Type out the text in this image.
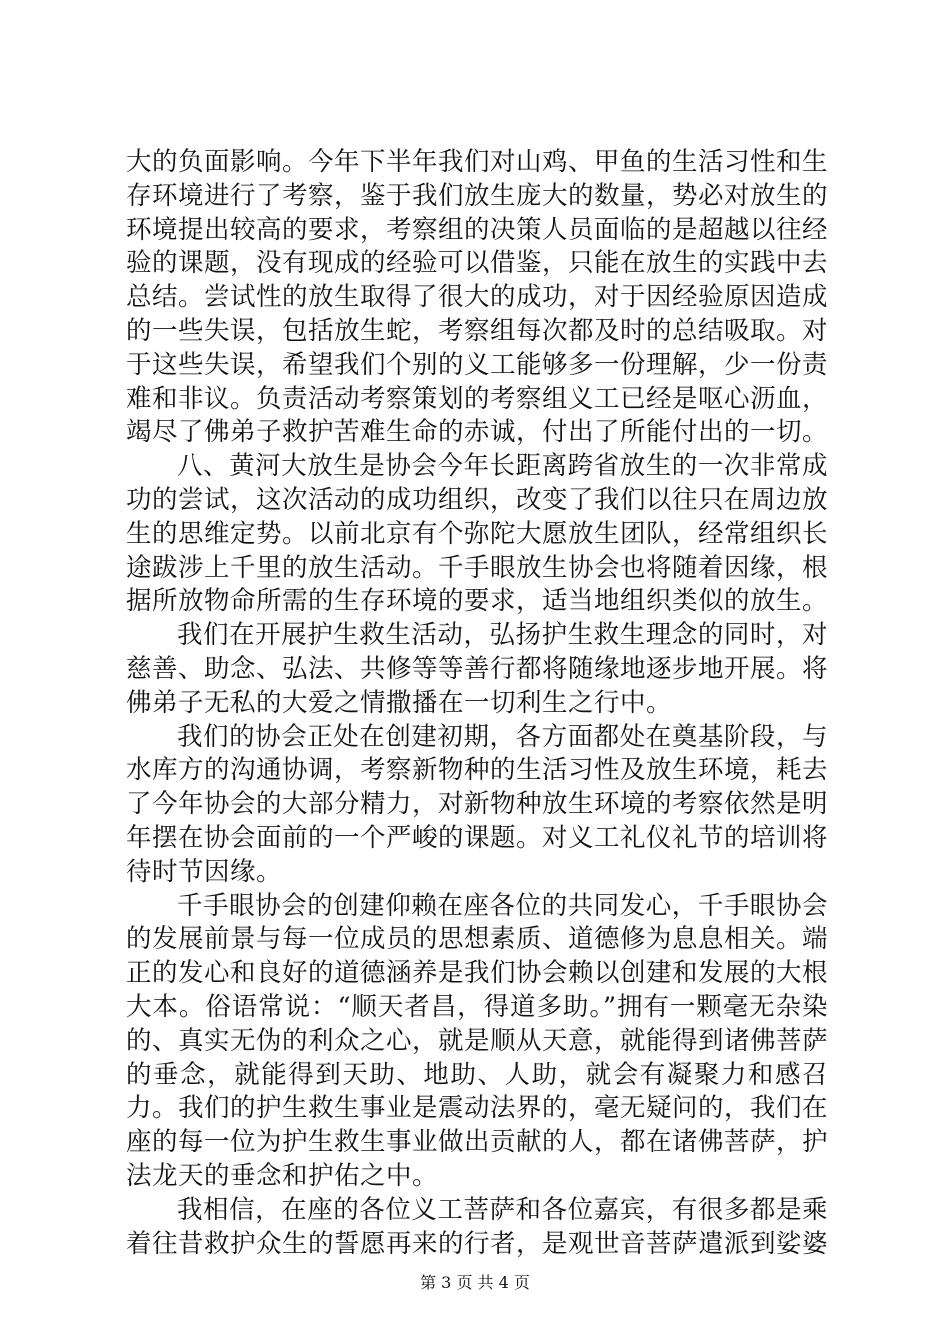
大的负面影响。今年下半年我们对山鸡、甲鱼的生活习性和生存环境进行了考察，鉴于我们放生庞大的数量，势必对放生的环境提出较高的要求，考察组的决策人员面临的是超越以往经验的课题，没有现成的经验可以借鉴，只能在放生的实践中去总结。尝试性的放生取得了很大的成功，对于因经验原因造成的一些失误，包括放生蛇，考察组每次都及时的总结吸取。对于这些失误，希望我们个别的义工能够多一份理解，少一份责难和非议。负责活动考察策划的考察组义工已经是呕心沥血，竭尽了佛弟子救护苦难生命的赤诚，付出了所能付出的一切。

八、黄河大放生是协会今年长距离跨省放生的一次非常成功的尝试，这次活动的成功组织，改变了我们以往只在周边放生的思维定势。以前北京有个弥陀大愿放生团队，经常组织长途跋涉上千里的放生活动。千手眼放生协会也将随着因缘，根据所放物命所需的生存环境的要求，适当地组织类似的放生。

我们在开展护生救生活动，弘扬护生救生理念的同时，对慈善、助念、弘法、共修等等善行都将随缘地逐步地开展。将佛弟子无私的大爱之情撒播在一切利生之行中。

我们的协会正处在创建初期，各方面都处在奠基阶段，与水库方的沟通协调，考察新物种的生活习性及放生环境，耗去了今年协会的大部分精力，对新物种放生环境的考察依然是明年摆在协会面前的一个严峻的课题。对义工礼仪礼节的培训将待时节因缘。

千手眼协会的创建仰赖在座各位的共同发心，千手眼协会的发展前景与每一位成员的思想素质、道德修为息息相关。端正的发心和良好的道德涵养是我们协会赖以创建和发展的大根大本。俗语常说：“顺天者昌，得道多助。”拥有一颗毫无杂染的、真实无伪的利众之心，就是顺从天意，就能得到诸佛菩萨的垂念，就能得到天助、地助、人助，就会有凝聚力和感召力。我们的护生救生事业是震动法界的，毫无疑问的，我们在座的每一位为护生救生事业做出贡献的人，都在诸佛菩萨，护法龙天的垂念和护佑之中。

我相信，在座的各位义工菩萨和各位嘉宾，有很多都是乘着往昔救护众生的誓愿再来的行者，是观世音菩萨遣派到娑婆

第 3 页 共 4 页
